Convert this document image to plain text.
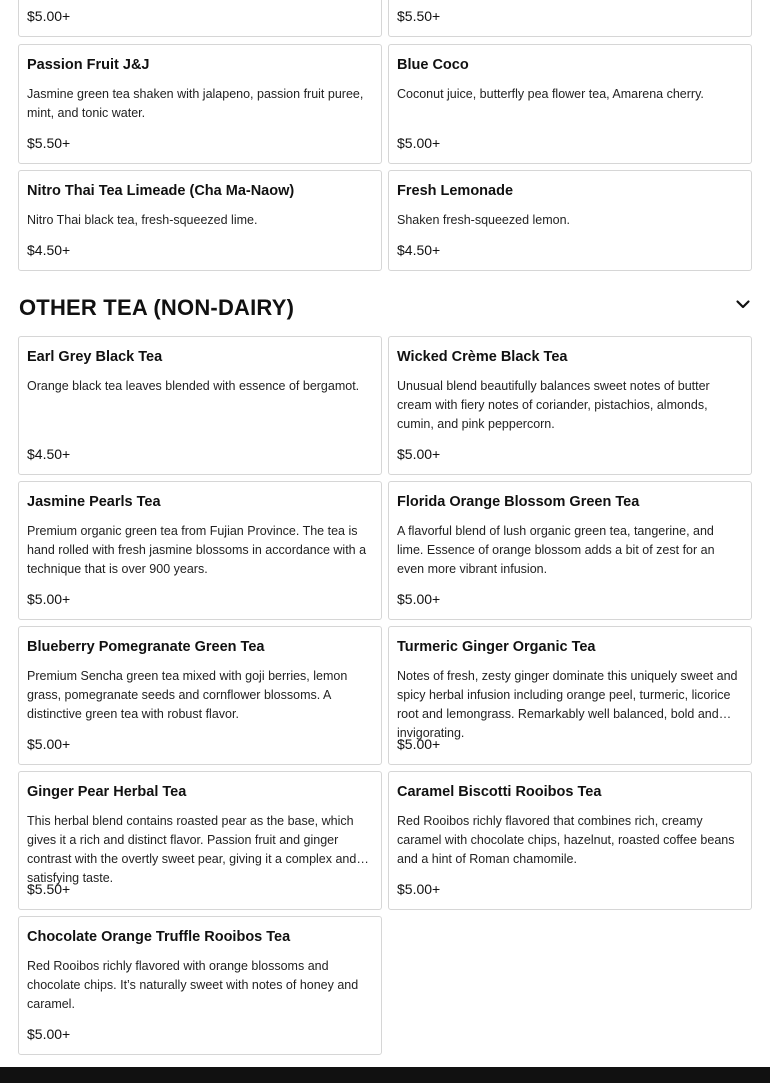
$5.00+	$5.50+
Passion Fruit J&J
Jasmine green tea shaken with jalapeno, passion fruit puree, mint, and tonic water.
$5.50+
Blue Coco
Coconut juice, butterfly pea flower tea, Amarena cherry.
$5.00+
Nitro Thai Tea Limeade (Cha Ma-Naow)
Nitro Thai black tea, fresh-squeezed lime.
$4.50+
Fresh Lemonade
Shaken fresh-squeezed lemon.
$4.50+
OTHER TEA (NON-DAIRY)
Earl Grey Black Tea
Orange black tea leaves blended with essence of bergamot.
$4.50+
Wicked Crème Black Tea
Unusual blend beautifully balances sweet notes of butter cream with fiery notes of coriander, pistachios, almonds, cumin, and pink peppercorn.
$5.00+
Jasmine Pearls Tea
Premium organic green tea from Fujian Province. The tea is hand rolled with fresh jasmine blossoms in accordance with a technique that is over 900 years.
$5.00+
Florida Orange Blossom Green Tea
A flavorful blend of lush organic green tea, tangerine, and lime. Essence of orange blossom adds a bit of zest for an even more vibrant infusion.
$5.00+
Blueberry Pomegranate Green Tea
Premium Sencha green tea mixed with goji berries, lemon grass, pomegranate seeds and cornflower blossoms. A distinctive green tea with robust flavor.
$5.00+
Turmeric Ginger Organic Tea
Notes of fresh, zesty ginger dominate this uniquely sweet and spicy herbal infusion including orange peel, turmeric, licorice root and lemongrass. Remarkably well balanced, bold and invigorating.
$5.00+
Ginger Pear Herbal Tea
This herbal blend contains roasted pear as the base, which gives it a rich and distinct flavor. Passion fruit and ginger contrast with the overtly sweet pear, giving it a complex and satisfying taste.
$5.50+
Caramel Biscotti Rooibos Tea
Red Rooibos richly flavored that combines rich, creamy caramel with chocolate chips, hazelnut, roasted coffee beans and a hint of Roman chamomile.
$5.00+
Chocolate Orange Truffle Rooibos Tea
Red Rooibos richly flavored with orange blossoms and chocolate chips. It’s naturally sweet with notes of honey and caramel.
$5.00+
